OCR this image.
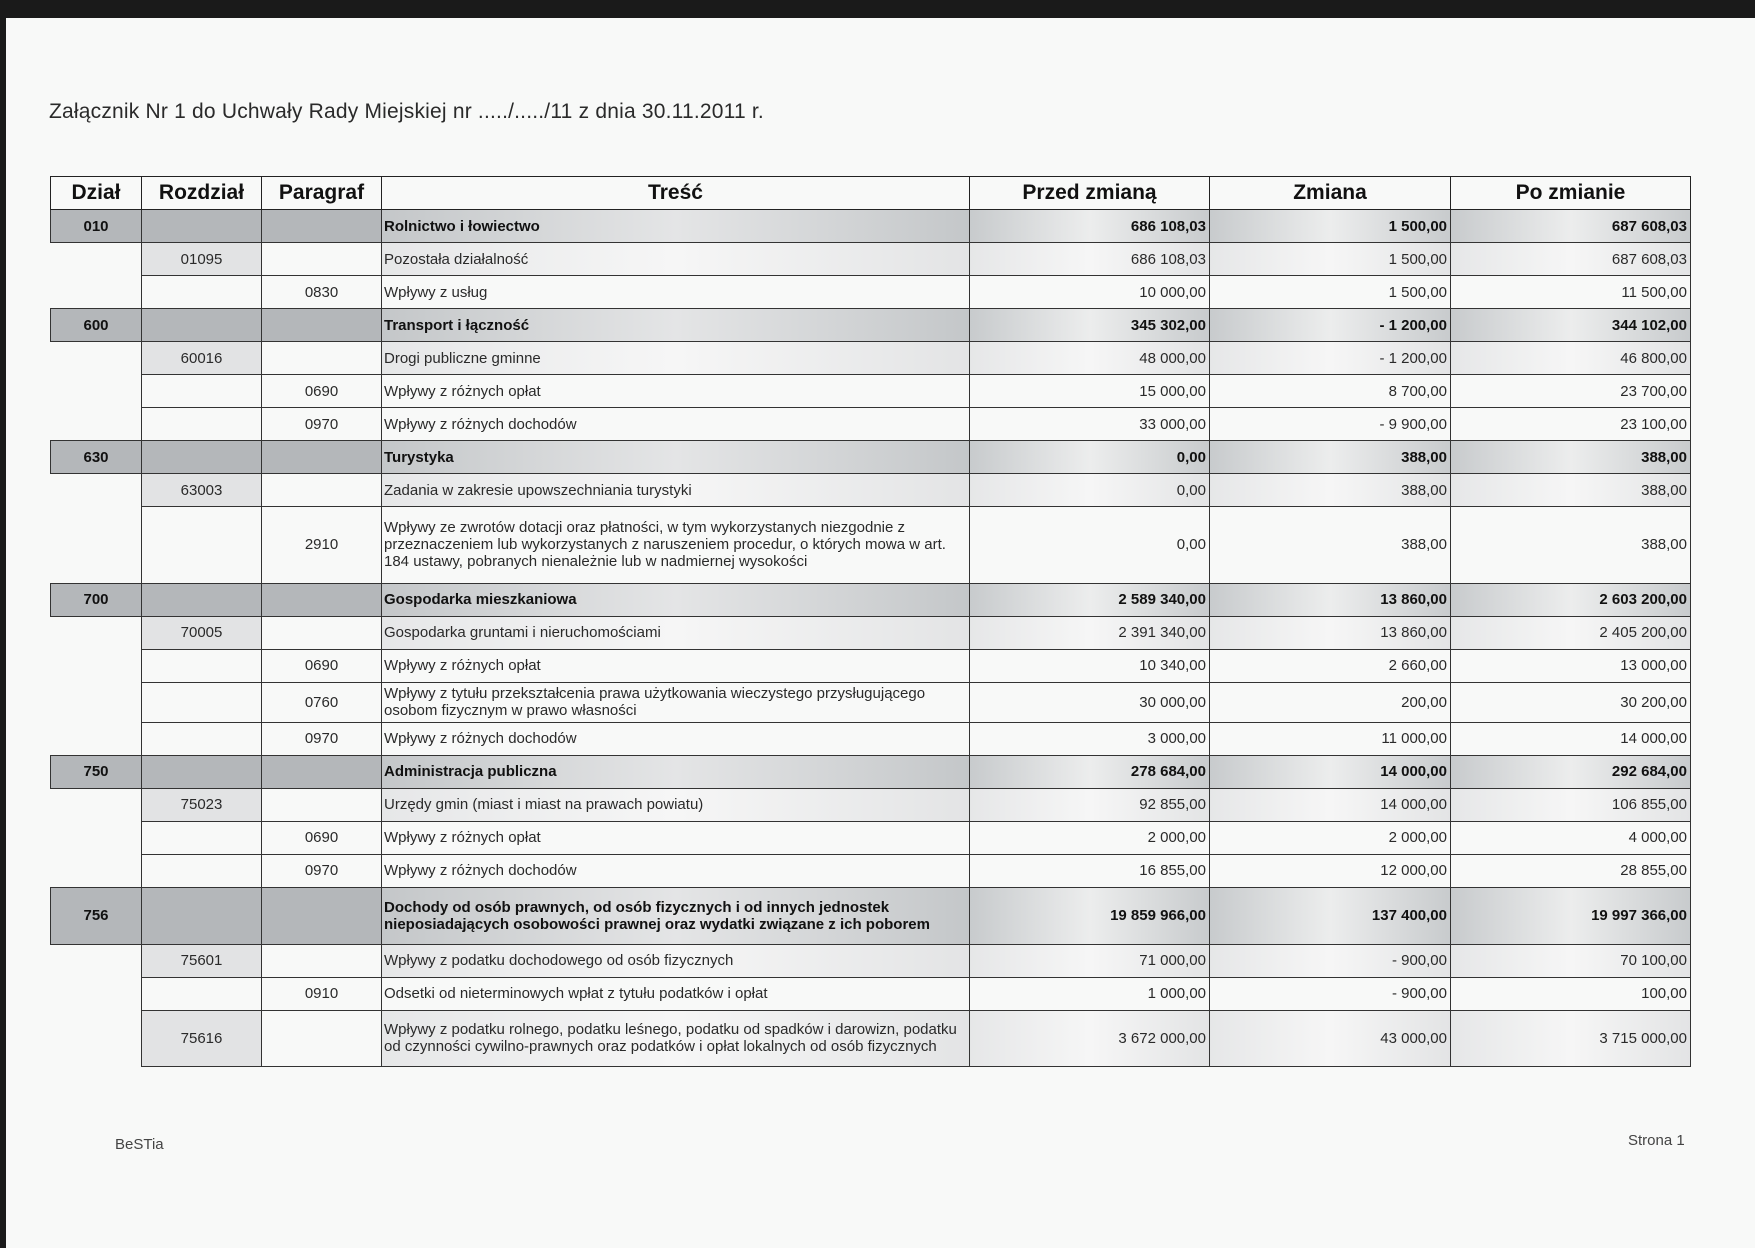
Załącznik Nr 1 do Uchwały Rady Miejskiej nr ...../...../11 z dnia 30.11.2011 r.
Dział	Rozdział	Paragraf	Treść	Przed zmianą	Zmiana	Po zmianie
010			Rolnictwo i łowiectwo	686 108,03	1 500,00	687 608,03
	01095		Pozostała działalność	686 108,03	1 500,00	687 608,03
		0830	Wpływy z usług	10 000,00	1 500,00	11 500,00
600			Transport i łączność	345 302,00	- 1 200,00	344 102,00
	60016		Drogi publiczne gminne	48 000,00	- 1 200,00	46 800,00
		0690	Wpływy z różnych opłat	15 000,00	8 700,00	23 700,00
		0970	Wpływy z różnych dochodów	33 000,00	- 9 900,00	23 100,00
630			Turystyka	0,00	388,00	388,00
	63003		Zadania w zakresie upowszechniania turystyki	0,00	388,00	388,00
		2910	Wpływy ze zwrotów dotacji oraz płatności, w tym wykorzystanych niezgodnie z przeznaczeniem lub wykorzystanych z naruszeniem procedur, o których mowa w art. 184 ustawy, pobranych nienależnie lub w nadmiernej wysokości	0,00	388,00	388,00
700			Gospodarka mieszkaniowa	2 589 340,00	13 860,00	2 603 200,00
	70005		Gospodarka gruntami i nieruchomościami	2 391 340,00	13 860,00	2 405 200,00
		0690	Wpływy z różnych opłat	10 340,00	2 660,00	13 000,00
		0760	Wpływy z tytułu przekształcenia prawa użytkowania wieczystego przysługującego osobom fizycznym w prawo własności	30 000,00	200,00	30 200,00
		0970	Wpływy z różnych dochodów	3 000,00	11 000,00	14 000,00
750			Administracja publiczna	278 684,00	14 000,00	292 684,00
	75023		Urzędy gmin (miast i miast na prawach powiatu)	92 855,00	14 000,00	106 855,00
		0690	Wpływy z różnych opłat	2 000,00	2 000,00	4 000,00
		0970	Wpływy z różnych dochodów	16 855,00	12 000,00	28 855,00
756			Dochody od osób prawnych, od osób fizycznych i od innych jednostek nieposiadających osobowości prawnej oraz wydatki związane z ich poborem	19 859 966,00	137 400,00	19 997 366,00
	75601		Wpływy z podatku dochodowego od osób fizycznych	71 000,00	- 900,00	70 100,00
		0910	Odsetki od nieterminowych wpłat z tytułu podatków i opłat	1 000,00	- 900,00	100,00
	75616		Wpływy z podatku rolnego, podatku leśnego, podatku od spadków i darowizn, podatku od czynności cywilno-prawnych oraz podatków i opłat lokalnych od osób fizycznych	3 672 000,00	43 000,00	3 715 000,00
BeSTia	Strona 1
